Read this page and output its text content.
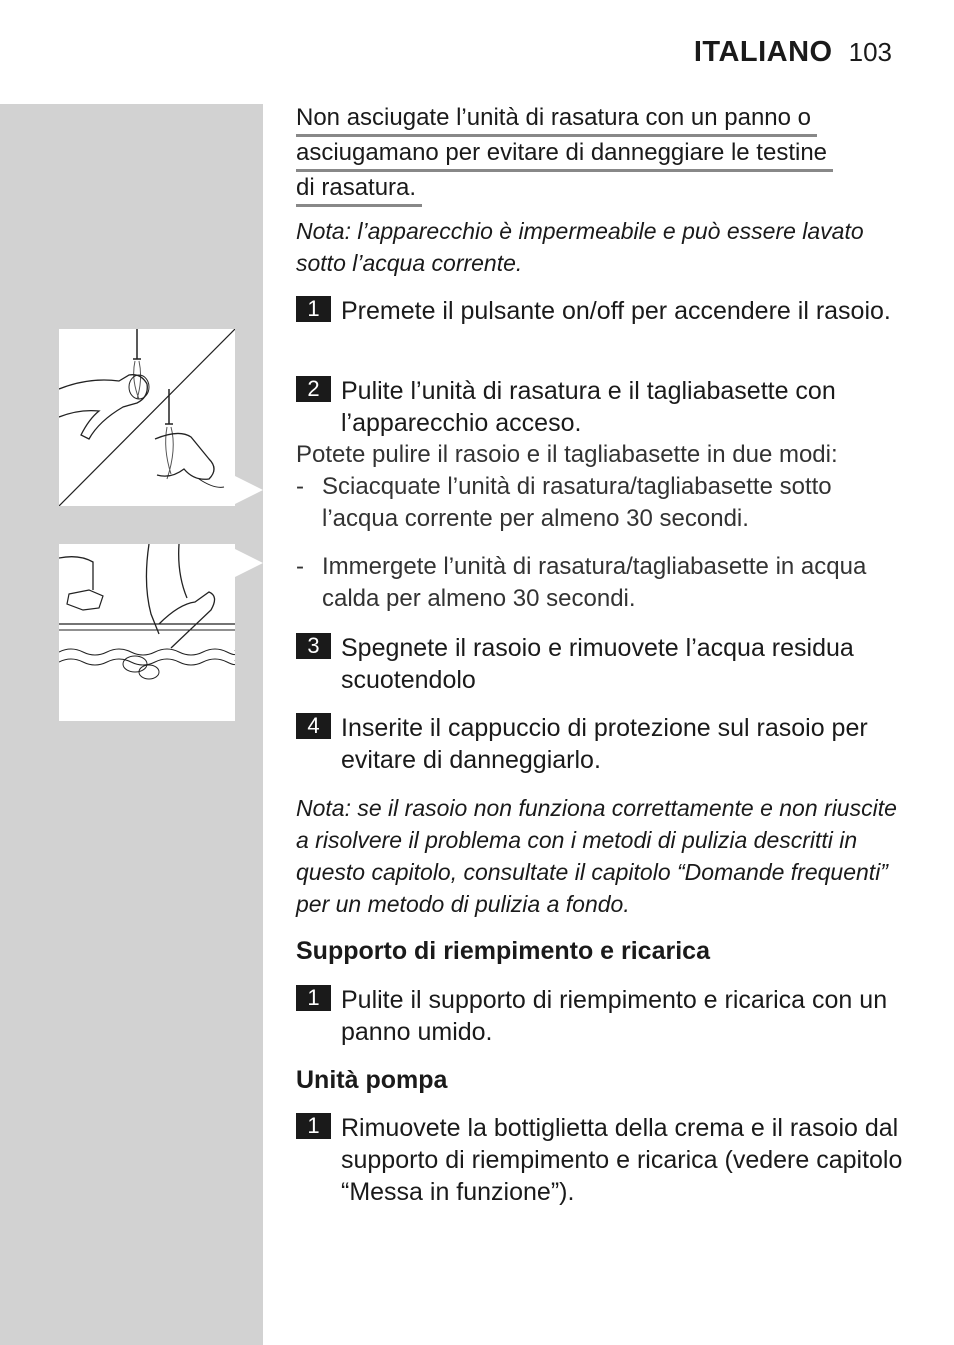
ITALIANO 103
Non asciugate l’unità di rasatura con un panno o
asciugamano per evitare di danneggiare le testine
di rasatura.
Nota: l’apparecchio è impermeabile e può essere lavato sotto l’acqua corrente.
1 Premete il pulsante on/off per accendere il rasoio.
2 Pulite l’unità di rasatura e il tagliabasette con l’apparecchio acceso.
Potete pulire il rasoio e il tagliabasette in due modi:
- Sciacquate l’unità di rasatura/tagliabasette sotto l’acqua corrente per almeno 30 secondi.
- Immergete l’unità di rasatura/tagliabasette in acqua calda per almeno 30 secondi.
3 Spegnete il rasoio e rimuovete l’acqua residua scuotendolo
4 Inserite il cappuccio di protezione sul rasoio per evitare di danneggiarlo.
Nota: se il rasoio non funziona correttamente e non riuscite a risolvere il problema con i metodi di pulizia descritti in questo capitolo, consultate il capitolo “Domande frequenti” per un metodo di pulizia a fondo.
Supporto di riempimento e ricarica
1 Pulite il supporto di riempimento e ricarica con un panno umido.
Unità pompa
1 Rimuovete la bottiglietta della crema e il rasoio dal supporto di riempimento e ricarica (vedere capitolo “Messa in funzione”).
